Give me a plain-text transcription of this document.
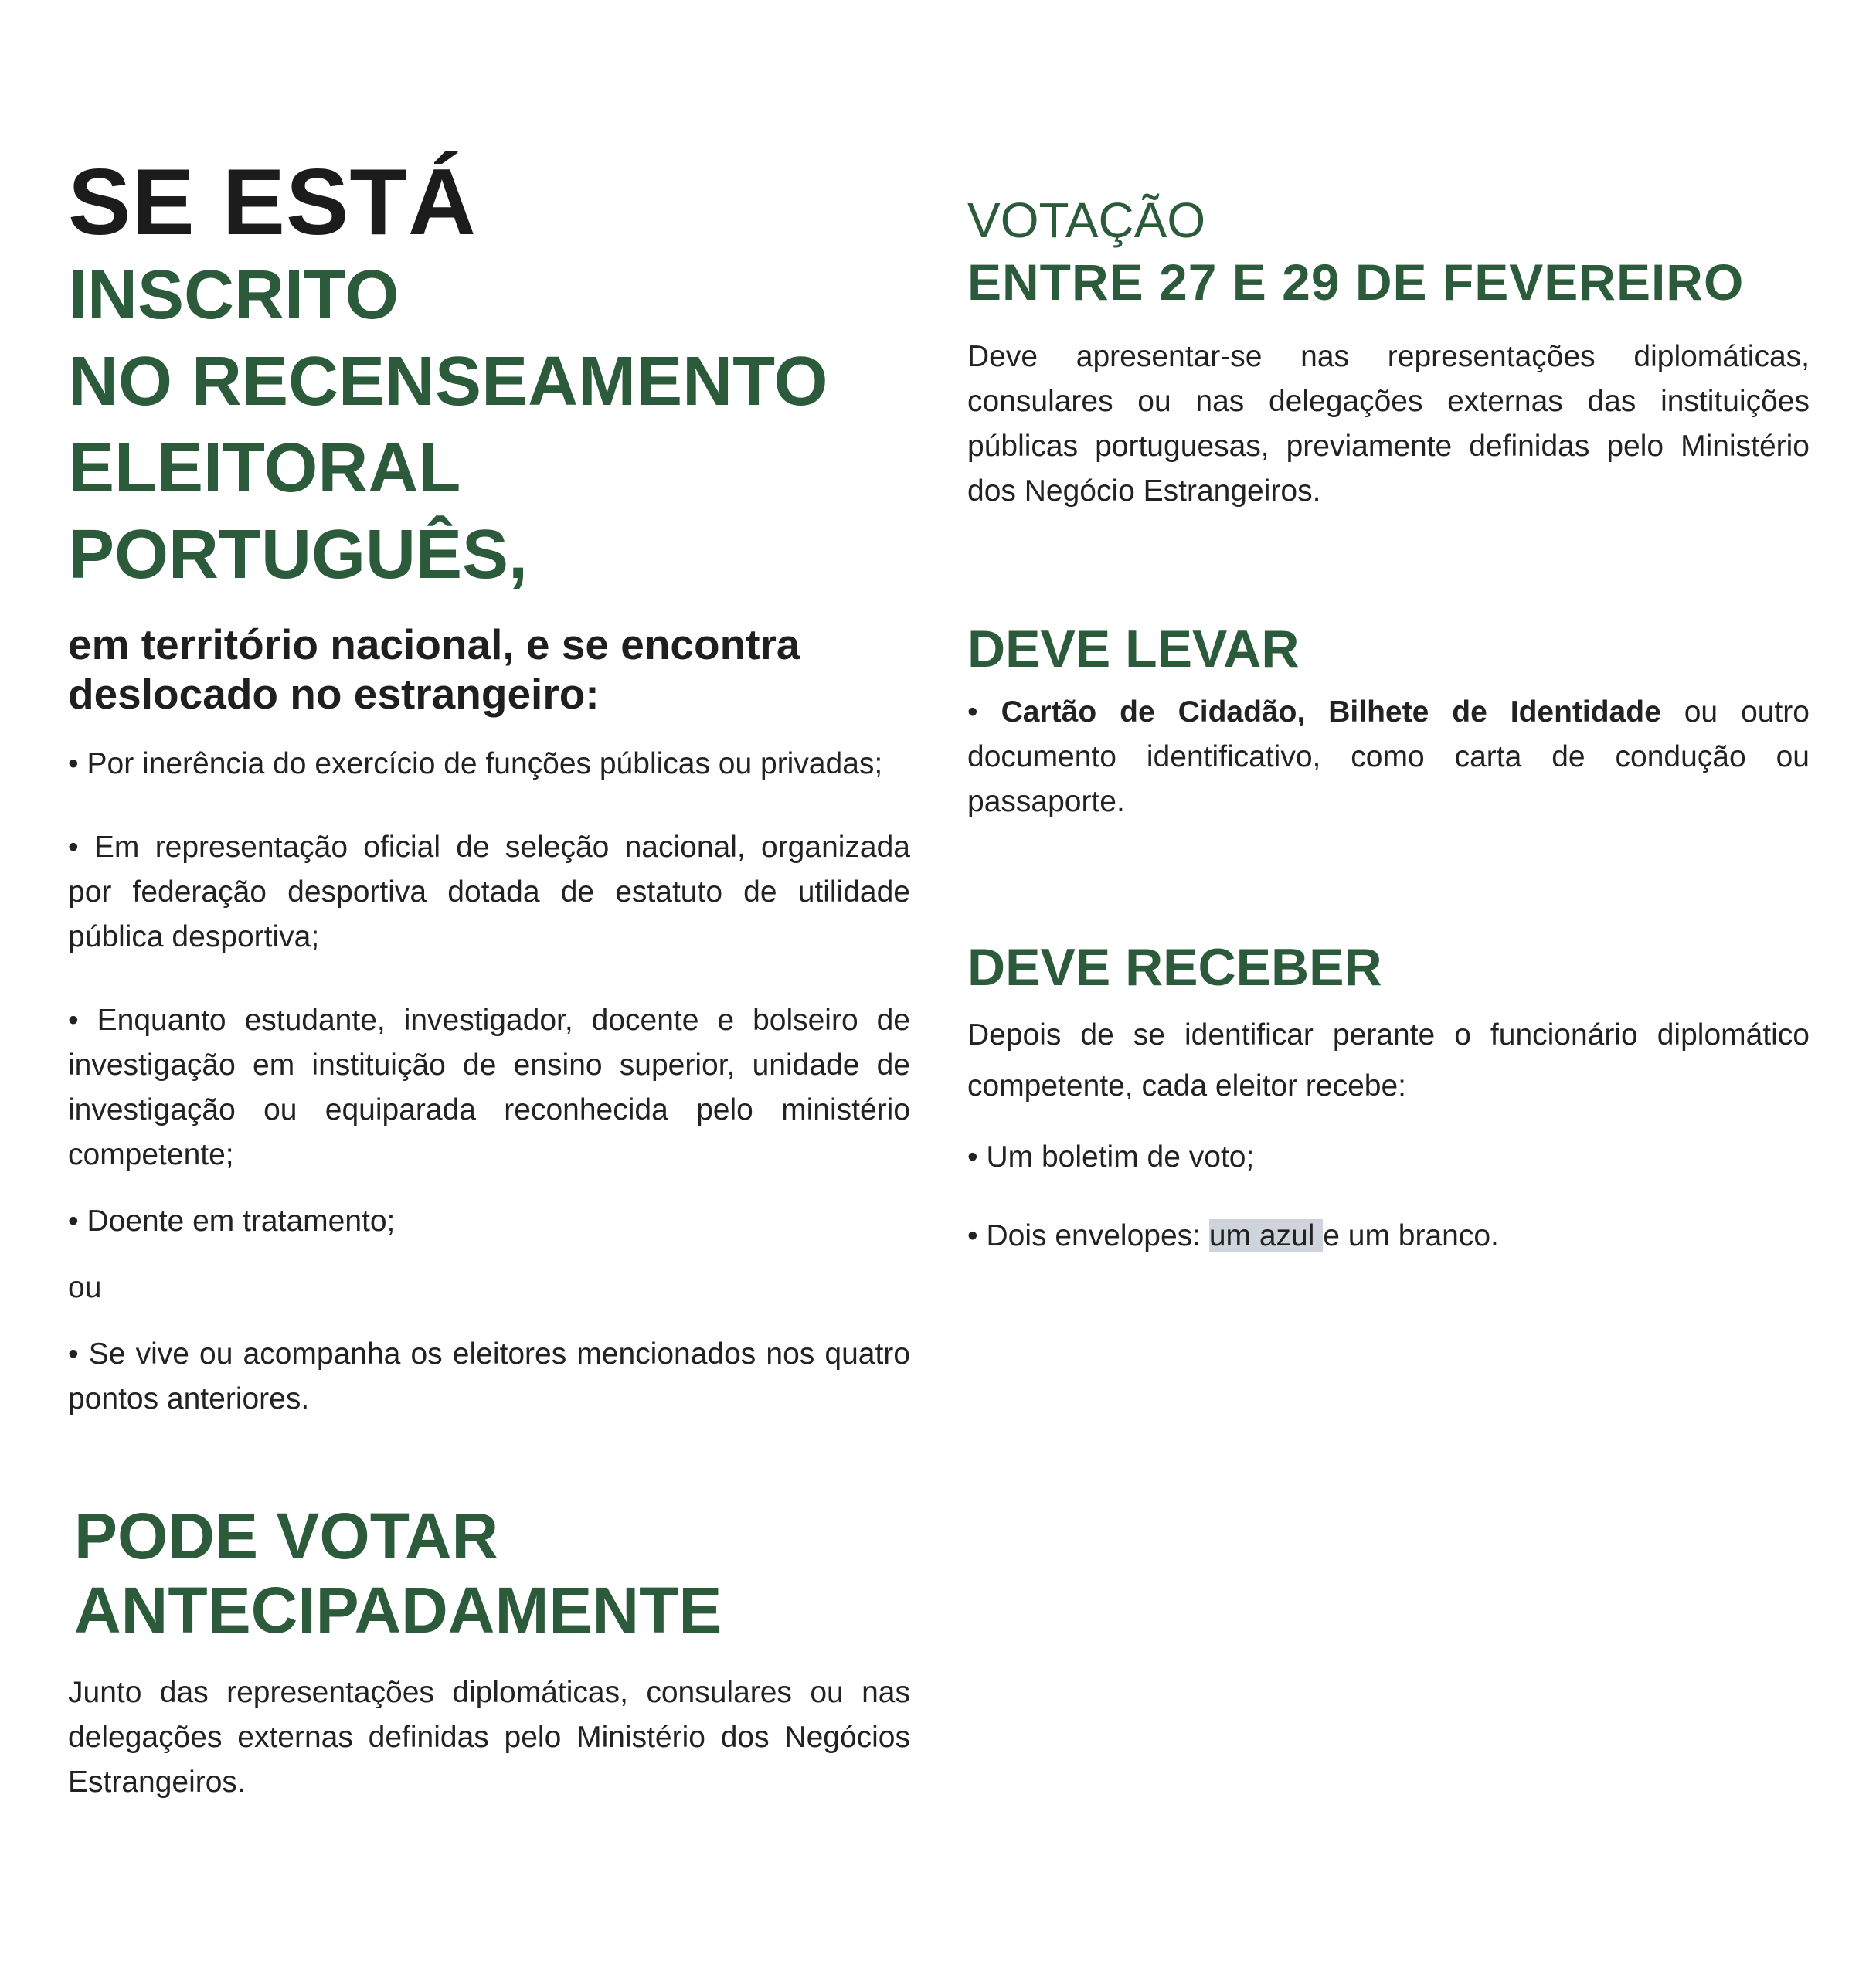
SE ESTÁ
INSCRITO
NO RECENSEAMENTO
ELEITORAL PORTUGUÊS,

em território nacional, e se encontra deslocado no estrangeiro:

• Por inerência do exercício de funções públicas ou privadas;

• Em representação oficial de seleção nacional, organizada por federação desportiva dotada de estatuto de utilidade pública desportiva;

• Enquanto estudante, investigador, docente e bolseiro de investigação em instituição de ensino superior, unidade de investigação ou equiparada reconhecida pelo ministério competente;

• Doente em tratamento;

ou

• Se vive ou acompanha os eleitores mencionados nos quatro pontos anteriores.

PODE VOTAR
ANTECIPADAMENTE

Junto das representações diplomáticas, consulares ou nas delegações externas definidas pelo Ministério dos Negócios Estrangeiros.

VOTAÇÃO
ENTRE 27 E 29 DE FEVEREIRO

Deve apresentar-se nas representações diplomáticas, consulares ou nas delegações externas das instituições públicas portuguesas, previamente definidas pelo Ministério dos Negócio Estrangeiros.

DEVE LEVAR

• Cartão de Cidadão, Bilhete de Identidade ou outro documento identificativo, como carta de condução ou passaporte.

DEVE RECEBER

Depois de se identificar perante o funcionário diplomático competente, cada eleitor recebe:

• Um boletim de voto;

• Dois envelopes: um azul e um branco.
